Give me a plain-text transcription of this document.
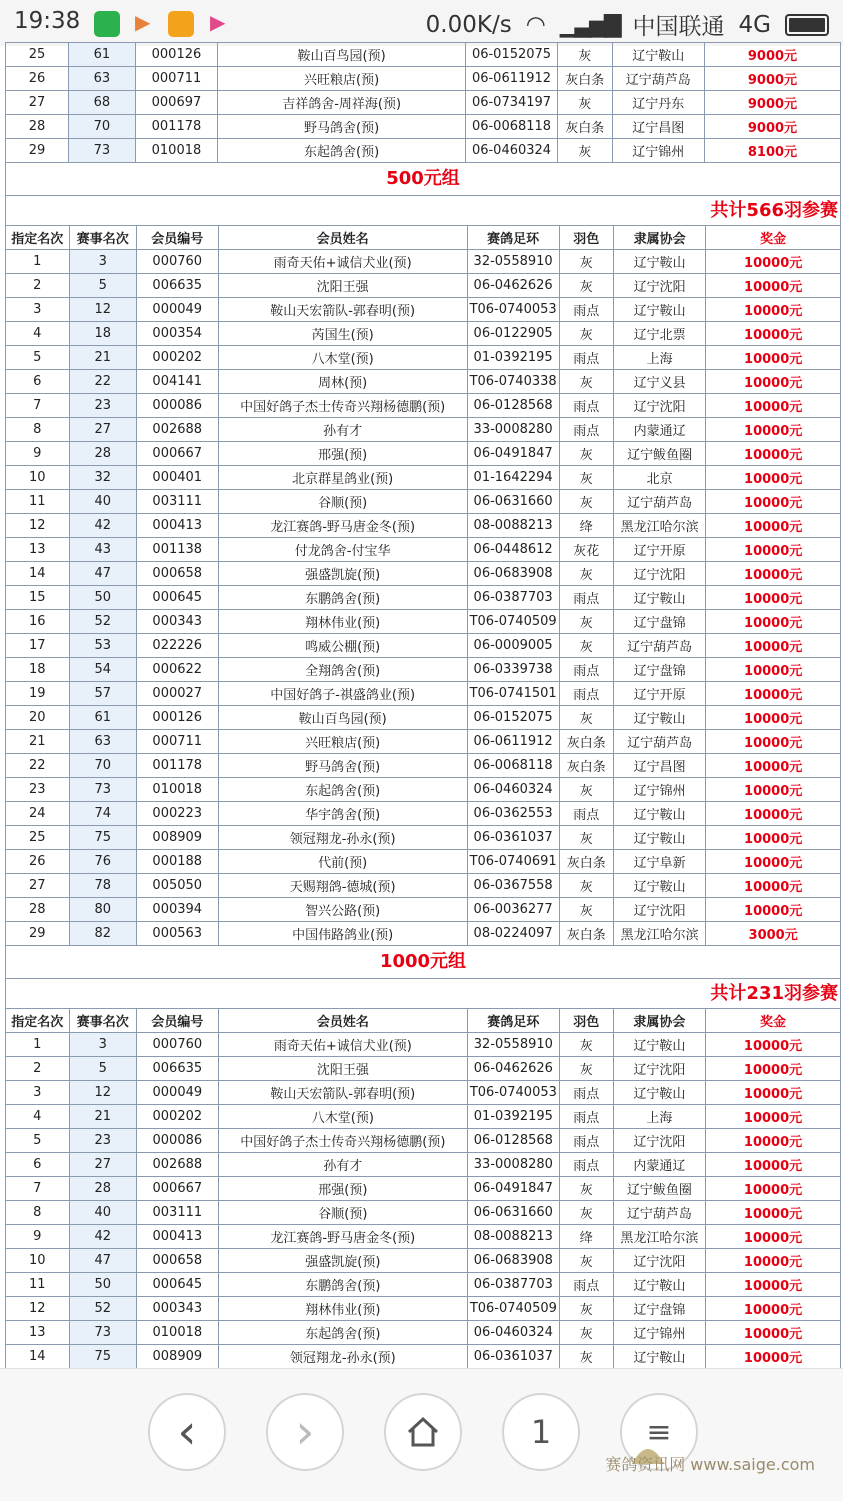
19:38	▶	▶	0.00K/s ◠ ▁▃▅▇ 中国联通 4G
25	61	000126	鞍山百鸟园(预)	06-0152075	灰	辽宁鞍山	9000元
26	63	000711	兴旺粮店(预)	06-0611912	灰白条	辽宁葫芦岛	9000元
27	68	000697	吉祥鸽舍-周祥海(预)	06-0734197	灰	辽宁丹东	9000元
28	70	001178	野马鸽舍(预)	06-0068118	灰白条	辽宁昌图	9000元
29	73	010018	东起鸽舍(预)	06-0460324	灰	辽宁锦州	8100元
500元组
共计566羽参赛
指定名次	赛事名次	会员编号	会员姓名	赛鸽足环	羽色	隶属协会	奖金
1	3	000760	雨奇天佑+诚信犬业(预)	32-0558910	灰	辽宁鞍山	10000元
2	5	006635	沈阳王强	06-0462626	灰	辽宁沈阳	10000元
3	12	000049	鞍山天宏箭队-郭春明(预)	T06-0740053	雨点	辽宁鞍山	10000元
4	18	000354	芮国生(预)	06-0122905	灰	辽宁北票	10000元
5	21	000202	八木堂(预)	01-0392195	雨点	上海	10000元
6	22	004141	周林(预)	T06-0740338	灰	辽宁义县	10000元
7	23	000086	中国好鸽子杰士传奇兴翔杨德鹏(预)	06-0128568	雨点	辽宁沈阳	10000元
8	27	002688	孙有才	33-0008280	雨点	内蒙通辽	10000元
9	28	000667	邢强(预)	06-0491847	灰	辽宁鲅鱼圈	10000元
10	32	000401	北京群星鸽业(预)	01-1642294	灰	北京	10000元
11	40	003111	谷顺(预)	06-0631660	灰	辽宁葫芦岛	10000元
12	42	000413	龙江赛鸽-野马唐金冬(预)	08-0088213	绛	黑龙江哈尔滨	10000元
13	43	001138	付龙鸽舍-付宝华	06-0448612	灰花	辽宁开原	10000元
14	47	000658	强盛凯旋(预)	06-0683908	灰	辽宁沈阳	10000元
15	50	000645	东鹏鸽舍(预)	06-0387703	雨点	辽宁鞍山	10000元
16	52	000343	翔林伟业(预)	T06-0740509	灰	辽宁盘锦	10000元
17	53	022226	鸣威公棚(预)	06-0009005	灰	辽宁葫芦岛	10000元
18	54	000622	全翔鸽舍(预)	06-0339738	雨点	辽宁盘锦	10000元
19	57	000027	中国好鸽子-祺盛鸽业(预)	T06-0741501	雨点	辽宁开原	10000元
20	61	000126	鞍山百鸟园(预)	06-0152075	灰	辽宁鞍山	10000元
21	63	000711	兴旺粮店(预)	06-0611912	灰白条	辽宁葫芦岛	10000元
22	70	001178	野马鸽舍(预)	06-0068118	灰白条	辽宁昌图	10000元
23	73	010018	东起鸽舍(预)	06-0460324	灰	辽宁锦州	10000元
24	74	000223	华宇鸽舍(预)	06-0362553	雨点	辽宁鞍山	10000元
25	75	008909	领冠翔龙-孙永(预)	06-0361037	灰	辽宁鞍山	10000元
26	76	000188	代前(预)	T06-0740691	灰白条	辽宁阜新	10000元
27	78	005050	天赐翔鸽-德城(预)	06-0367558	灰	辽宁鞍山	10000元
28	80	000394	智兴公路(预)	06-0036277	灰	辽宁沈阳	10000元
29	82	000563	中国伟路鸽业(预)	08-0224097	灰白条	黑龙江哈尔滨	3000元
1000元组
共计231羽参赛
指定名次	赛事名次	会员编号	会员姓名	赛鸽足环	羽色	隶属协会	奖金
1	3	000760	雨奇天佑+诚信犬业(预)	32-0558910	灰	辽宁鞍山	10000元
2	5	006635	沈阳王强	06-0462626	灰	辽宁沈阳	10000元
3	12	000049	鞍山天宏箭队-郭春明(预)	T06-0740053	雨点	辽宁鞍山	10000元
4	21	000202	八木堂(预)	01-0392195	雨点	上海	10000元
5	23	000086	中国好鸽子杰士传奇兴翔杨德鹏(预)	06-0128568	雨点	辽宁沈阳	10000元
6	27	002688	孙有才	33-0008280	雨点	内蒙通辽	10000元
7	28	000667	邢强(预)	06-0491847	灰	辽宁鲅鱼圈	10000元
8	40	003111	谷顺(预)	06-0631660	灰	辽宁葫芦岛	10000元
9	42	000413	龙江赛鸽-野马唐金冬(预)	08-0088213	绛	黑龙江哈尔滨	10000元
10	47	000658	强盛凯旋(预)	06-0683908	灰	辽宁沈阳	10000元
11	50	000645	东鹏鸽舍(预)	06-0387703	雨点	辽宁鞍山	10000元
12	52	000343	翔林伟业(预)	T06-0740509	灰	辽宁盘锦	10000元
13	73	010018	东起鸽舍(预)	06-0460324	灰	辽宁锦州	10000元
14	75	008909	领冠翔龙-孙永(预)	06-0361037	灰	辽宁鞍山	10000元

‹ ›	1	≡
赛鸽资讯网 www.saige.com
